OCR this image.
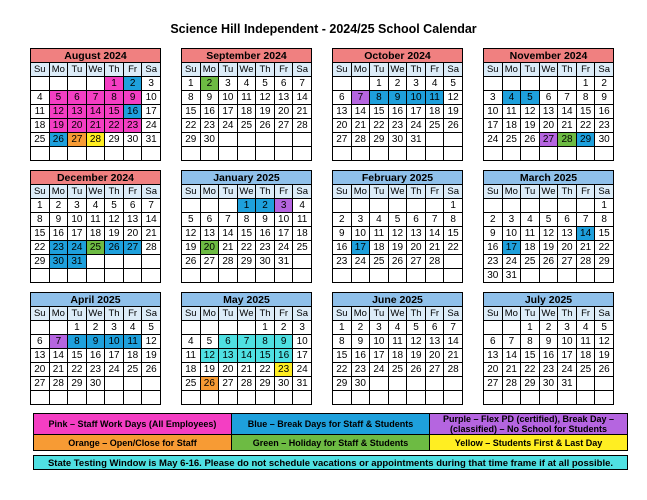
Science Hill Independent - 2024/25 School Calendar
August 2024
Su	Mo	Tu	We	Th	Fr	Sa
				1	2	3
4	5	6	7	8	9	10
11	12	13	14	15	16	17
18	19	20	21	22	23	24
25	26	27	28	29	30	31

September 2024
Su	Mo	Tu	We	Th	Fr	Sa
1	2	3	4	5	6	7
8	9	10	11	12	13	14
15	16	17	18	19	20	21
22	23	24	25	26	27	28
29	30					

October 2024
Su	Mo	Tu	We	Th	Fr	Sa
		1	2	3	4	5
6	7	8	9	10	11	12
13	14	15	16	17	18	19
20	21	22	23	24	25	26
27	28	29	30	31		

November 2024
Su	Mo	Tu	We	Th	Fr	Sa
					1	2
3	4	5	6	7	8	9
10	11	12	13	14	15	16
17	18	19	20	21	22	23
24	25	26	27	28	29	30

December 2024
Su	Mo	Tu	We	Th	Fr	Sa
1	2	3	4	5	6	7
8	9	10	11	12	13	14
15	16	17	18	19	20	21
22	23	24	25	26	27	28
29	30	31				

January 2025
Su	Mo	Tu	We	Th	Fr	Sa
			1	2	3	4
5	6	7	8	9	10	11
12	13	14	15	16	17	18
19	20	21	22	23	24	25
26	27	28	29	30	31	

February 2025
Su	Mo	Tu	We	Th	Fr	Sa
						1
2	3	4	5	6	7	8
9	10	11	12	13	14	15
16	17	18	19	20	21	22
23	24	25	26	27	28	

March 2025
Su	Mo	Tu	We	Th	Fr	Sa
						1
2	3	4	5	6	7	8
9	10	11	12	13	14	15
16	17	18	19	20	21	22
23	24	25	26	27	28	29
30	31					
April 2025
Su	Mo	Tu	We	Th	Fr	Sa
		1	2	3	4	5
6	7	8	9	10	11	12
13	14	15	16	17	18	19
20	21	22	23	24	25	26
27	28	29	30			

May 2025
Su	Mo	Tu	We	Th	Fr	Sa
				1	2	3
4	5	6	7	8	9	10
11	12	13	14	15	16	17
18	19	20	21	22	23	24
25	26	27	28	29	30	31

June 2025
Su	Mo	Tu	We	Th	Fr	Sa
1	2	3	4	5	6	7
8	9	10	11	12	13	14
15	16	17	18	19	20	21
22	23	24	25	26	27	28
29	30					

July 2025
Su	Mo	Tu	We	Th	Fr	Sa
		1	2	3	4	5
6	7	8	9	10	11	12
13	14	15	16	17	18	19
20	21	22	23	24	25	26
27	28	29	30	31		

Pink – Staff Work Days (All Employees)	Blue – Break Days for Staff & Students	Purple – Flex PD (certified), Break Day – (classified) – No School for Students
Orange – Open/Close for Staff	Green – Holiday for Staff & Students	Yellow – Students First & Last Day
State Testing Window is May 6-16. Please do not schedule vacations or appointments during that time frame if at all possible.
